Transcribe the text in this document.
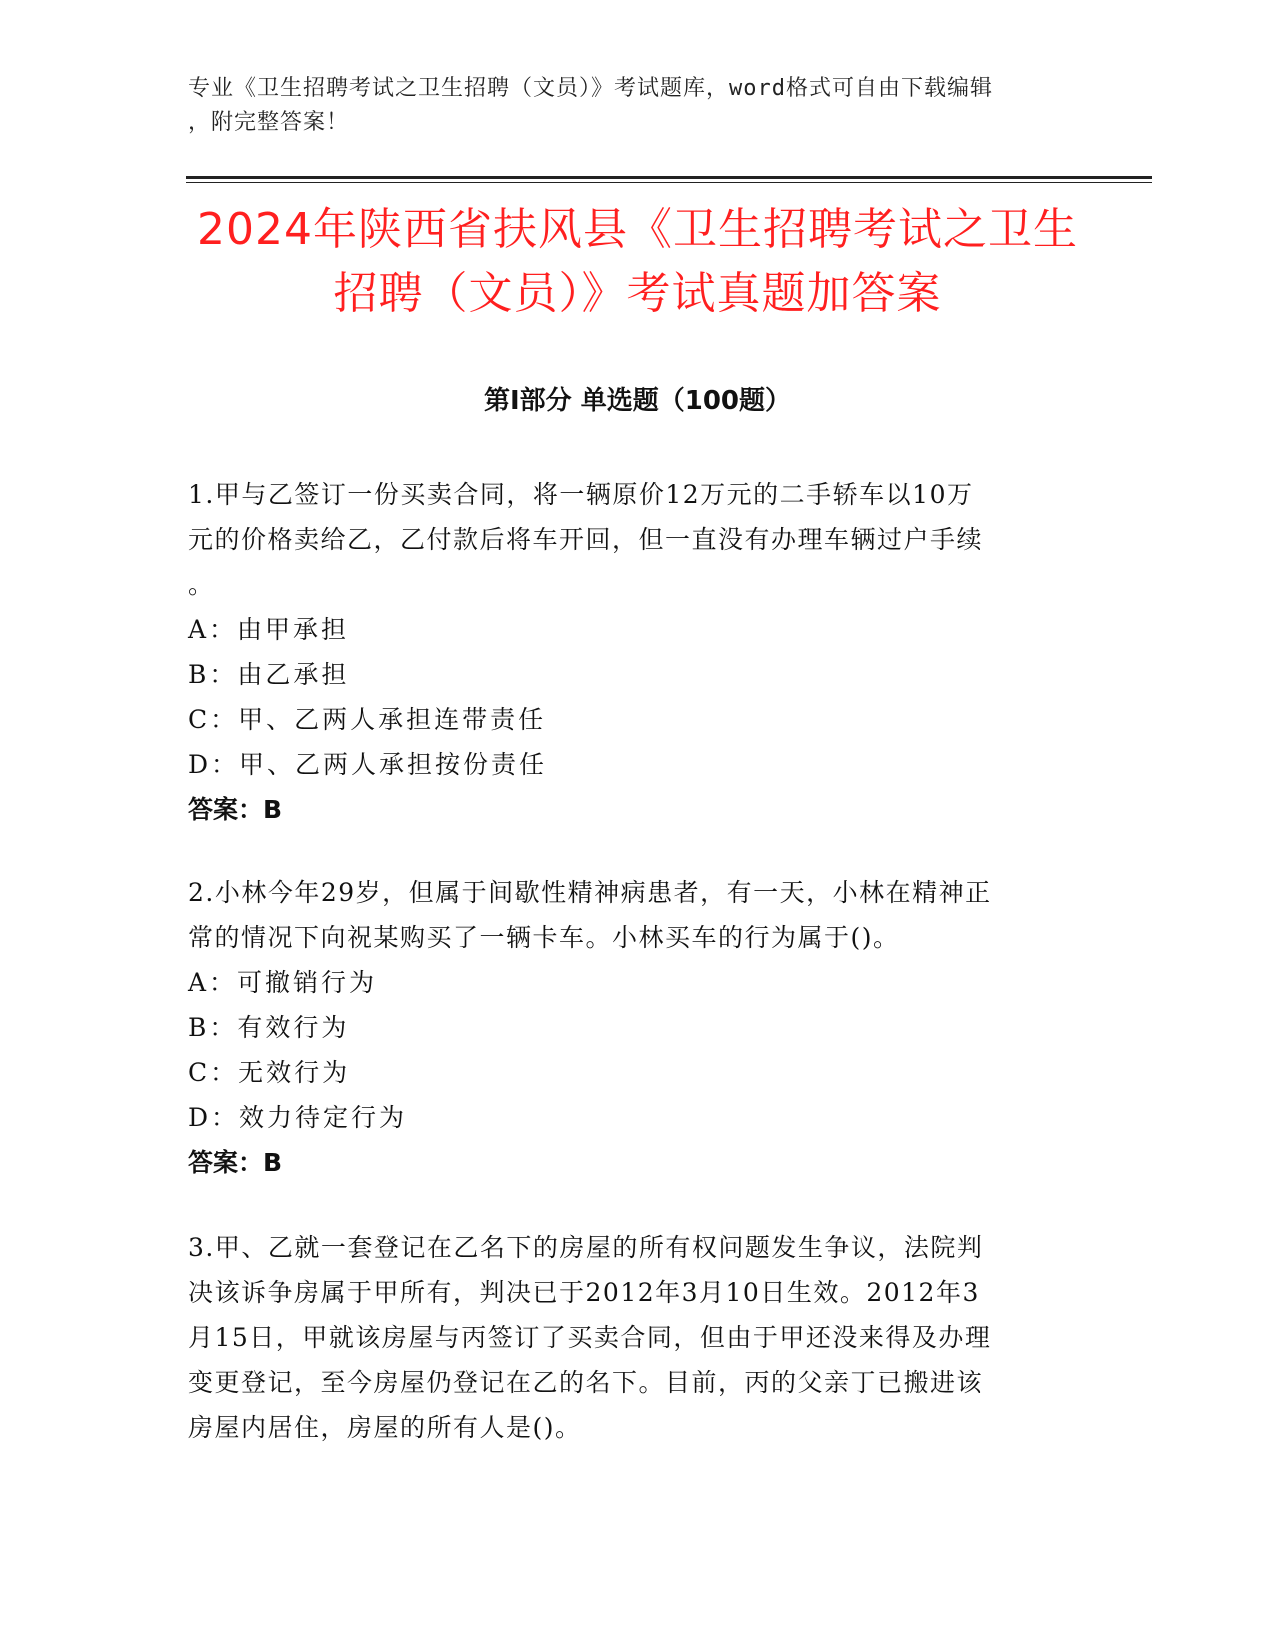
专业《卫生招聘考试之卫生招聘（文员）》考试题库，word格式可自由下载编辑
，附完整答案！
2024年陕西省扶风县《卫生招聘考试之卫生
招聘（文员）》考试真题加答案
第Ⅰ部分 单选题（100题）

1.甲与乙签订一份买卖合同，将一辆原价12万元的二手轿车以10万

元的价格卖给乙，乙付款后将车开回，但一直没有办理车辆过户手续

。

A：由甲承担

B：由乙承担

C：甲、乙两人承担连带责任

D：甲、乙两人承担按份责任

答案：B

2.小林今年29岁，但属于间歇性精神病患者，有一天，小林在精神正

常的情况下向祝某购买了一辆卡车。小林买车的行为属于()。

A：可撤销行为

B：有效行为

C：无效行为

D：效力待定行为

答案：B

3.甲、乙就一套登记在乙名下的房屋的所有权问题发生争议，法院判

决该诉争房属于甲所有，判决已于2012年3月10日生效。2012年3

月15日，甲就该房屋与丙签订了买卖合同，但由于甲还没来得及办理

变更登记，至今房屋仍登记在乙的名下。目前，丙的父亲丁已搬进该

房屋内居住，房屋的所有人是()。
